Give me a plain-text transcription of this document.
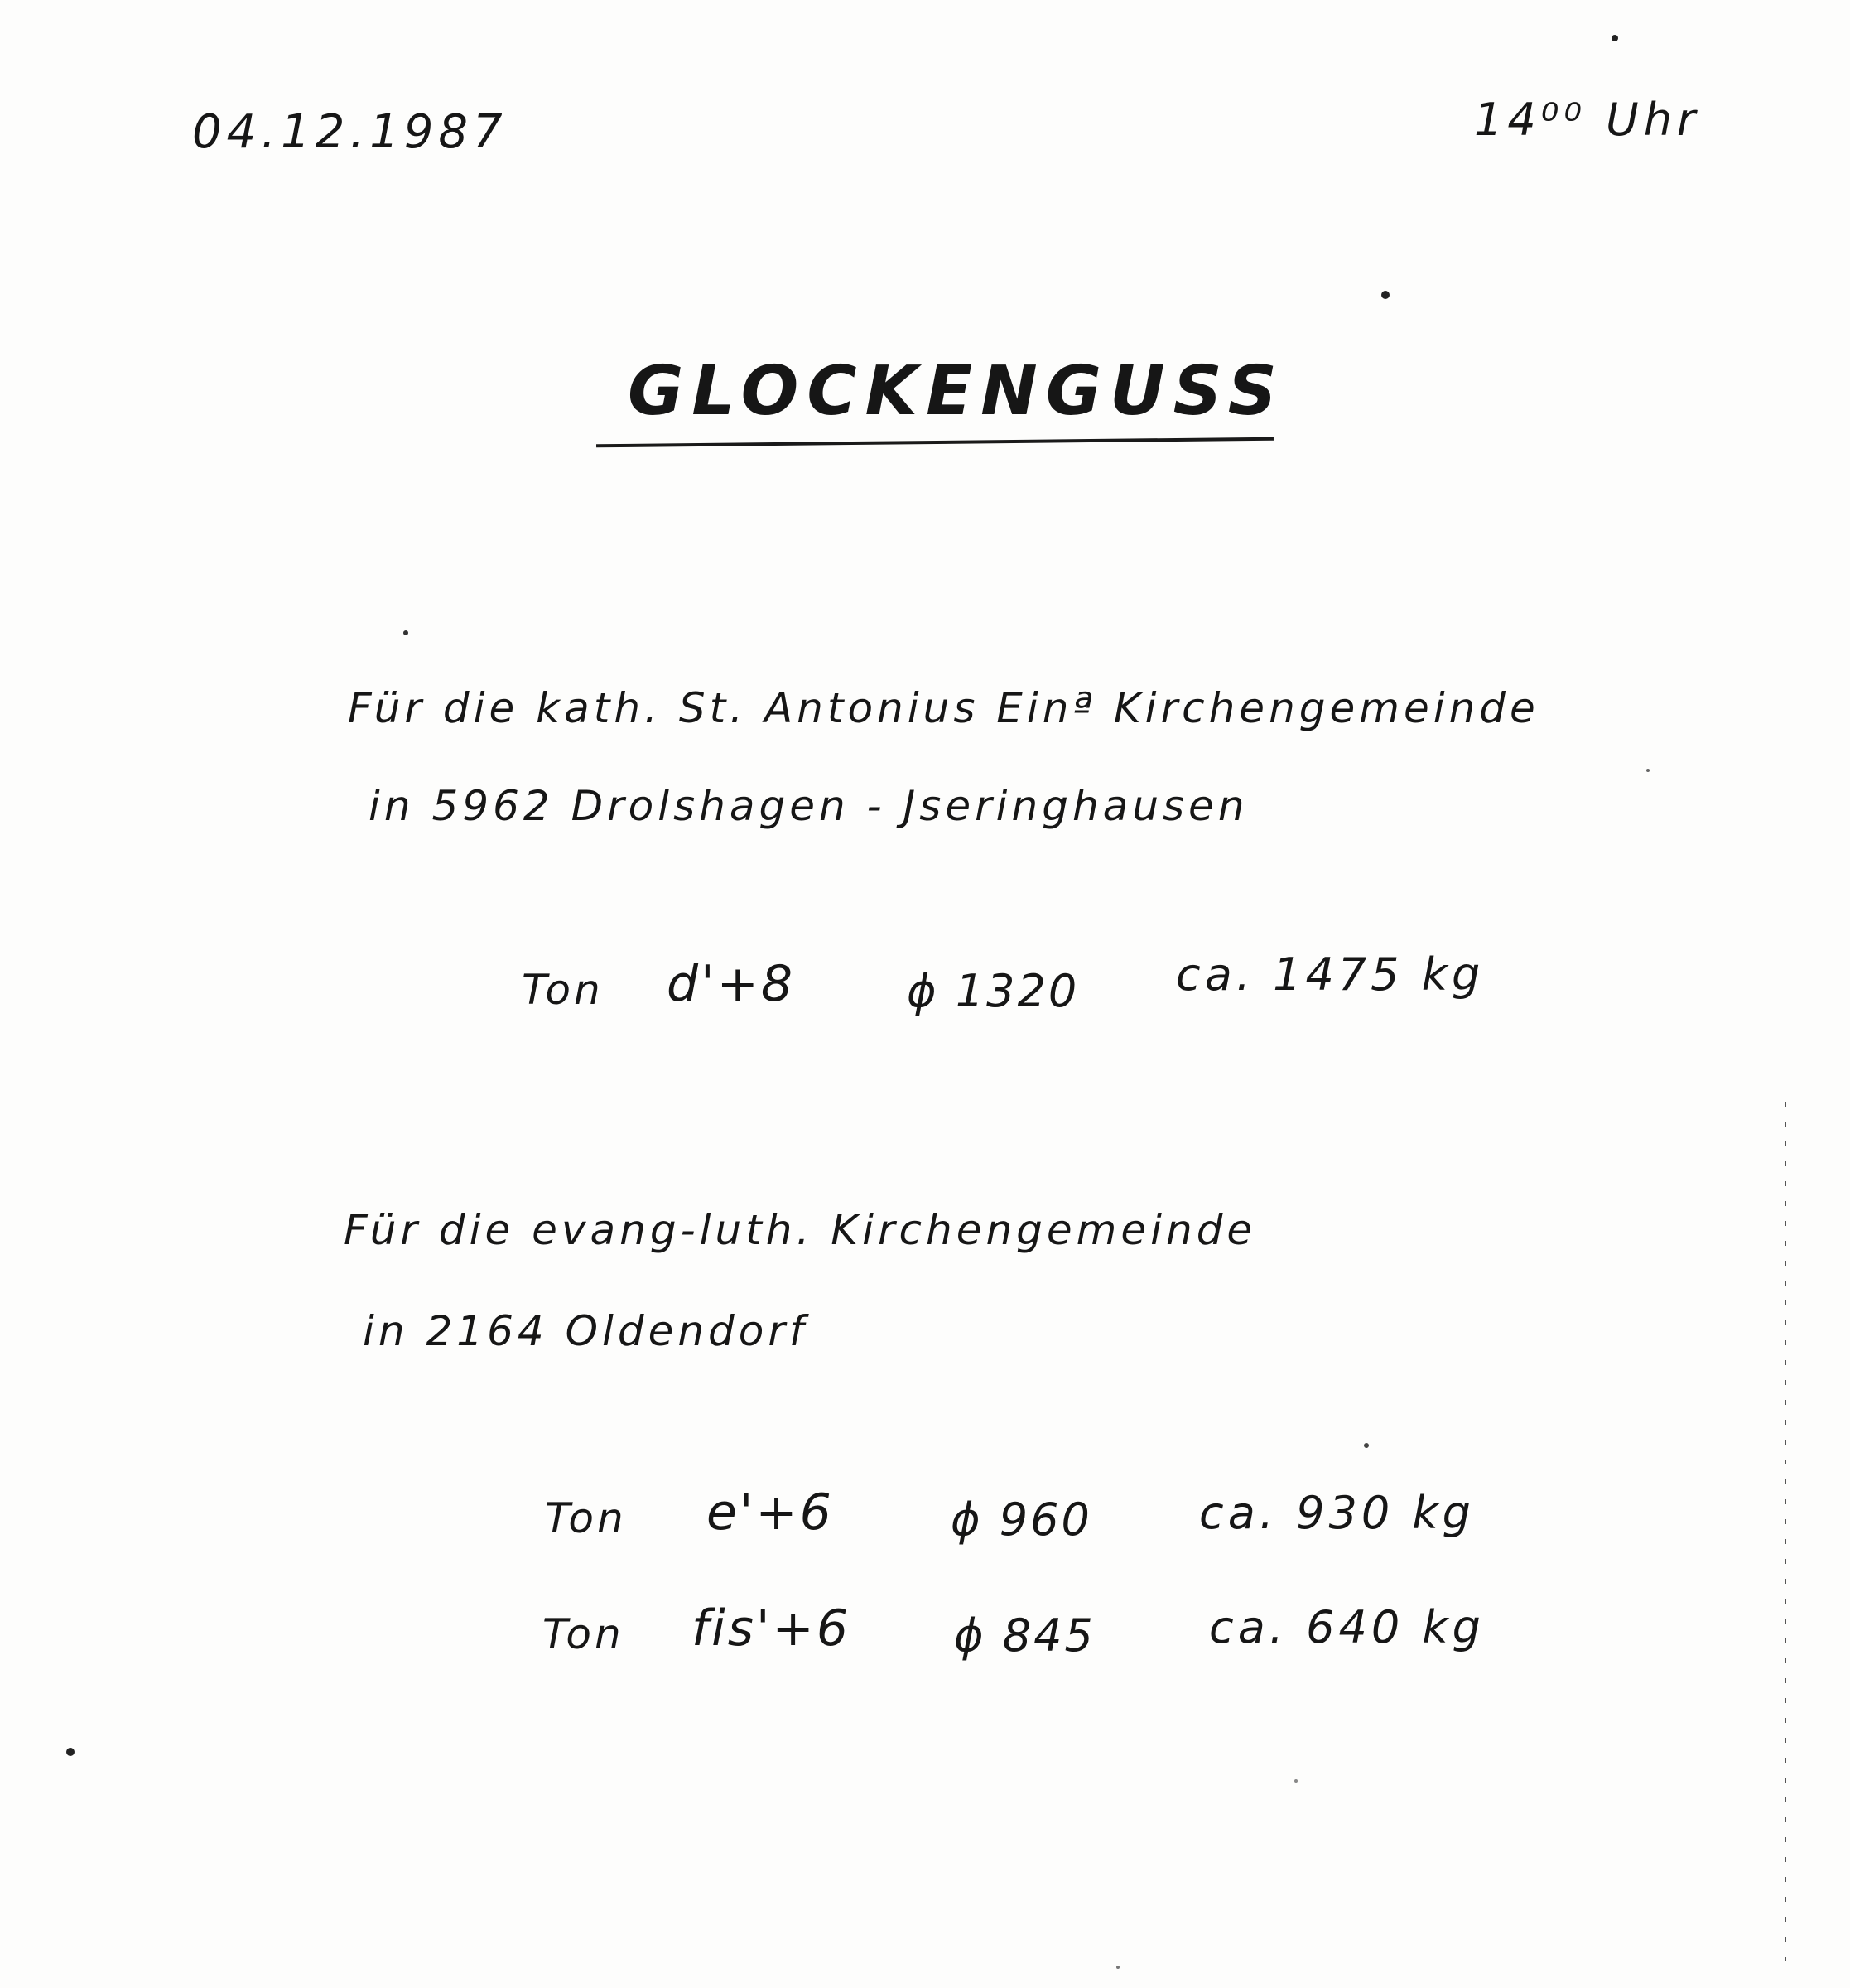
04.12.1987	14⁰⁰ Uhr
GLOCKENGUSS
Für die kath. St. Antonius Einª Kirchengemeinde
in 5962 Drolshagen - Jseringhausen
Ton d'+8 ϕ 1320 ca. 1475 kg
Für die evang-luth. Kirchengemeinde
in 2164 Oldendorf
Ton e'+6	ϕ 960 ca. 930 kg
Ton fis'+6 ϕ 845	ca. 640 kg
